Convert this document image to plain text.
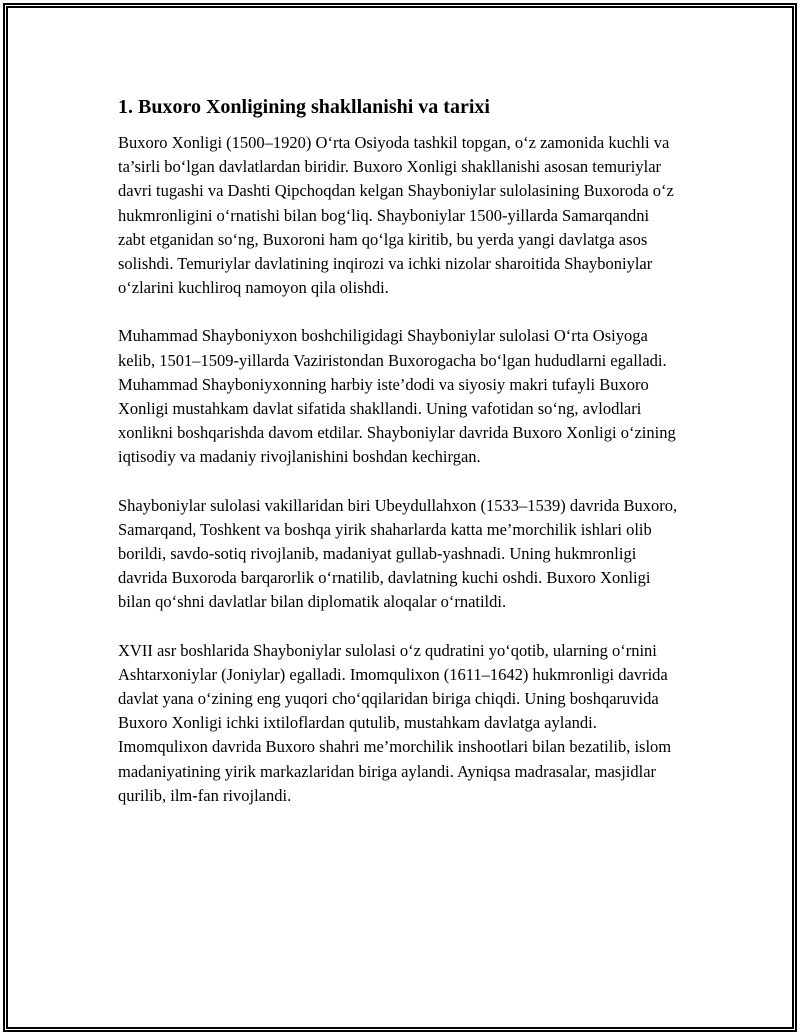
1. Buxoro Xonligining shakllanishi va tarixi

Buxoro Xonligi (1500–1920) O‘rta Osiyoda tashkil topgan, o‘z zamonida kuchli va ta’sirli bo‘lgan davlatlardan biridir. Buxoro Xonligi shakllanishi asosan temuriylar davri tugashi va Dashti Qipchoqdan kelgan Shayboniylar sulolasining Buxoroda o‘z hukmronligini o‘rnatishi bilan bog‘liq. Shayboniylar 1500-yillarda Samarqandni zabt etganidan so‘ng, Buxoroni ham qo‘lga kiritib, bu yerda yangi davlatga asos solishdi. Temuriylar davlatining inqirozi va ichki nizolar sharoitida Shayboniylar o‘zlarini kuchliroq namoyon qila olishdi.

Muhammad Shayboniyxon boshchiligidagi Shayboniylar sulolasi O‘rta Osiyoga kelib, 1501–1509-yillarda Vaziristondan Buxorogacha bo‘lgan hududlarni egalladi. Muhammad Shayboniyxonning harbiy iste’dodi va siyosiy makri tufayli Buxoro Xonligi mustahkam davlat sifatida shakllandi. Uning vafotidan so‘ng, avlodlari xonlikni boshqarishda davom etdilar. Shayboniylar davrida Buxoro Xonligi o‘zining iqtisodiy va madaniy rivojlanishini boshdan kechirgan.

Shayboniylar sulolasi vakillaridan biri Ubeydullahxon (1533–1539) davrida Buxoro, Samarqand, Toshkent va boshqa yirik shaharlarda katta me’morchilik ishlari olib borildi, savdo-sotiq rivojlanib, madaniyat gullab-yashnadi. Uning hukmronligi davrida Buxoroda barqarorlik o‘rnatilib, davlatning kuchi oshdi. Buxoro Xonligi bilan qo‘shni davlatlar bilan diplomatik aloqalar o‘rnatildi.

XVII asr boshlarida Shayboniylar sulolasi o‘z qudratini yo‘qotib, ularning o‘rnini Ashtarxoniylar (Joniylar) egalladi. Imomqulixon (1611–1642) hukmronligi davrida davlat yana o‘zining eng yuqori cho‘qqilaridan biriga chiqdi. Uning boshqaruvida Buxoro Xonligi ichki ixtiloflardan qutulib, mustahkam davlatga aylandi. Imomqulixon davrida Buxoro shahri me’morchilik inshootlari bilan bezatilib, islom madaniyatining yirik markazlaridan biriga aylandi. Ayniqsa madrasalar, masjidlar qurilib, ilm-fan rivojlandi.
